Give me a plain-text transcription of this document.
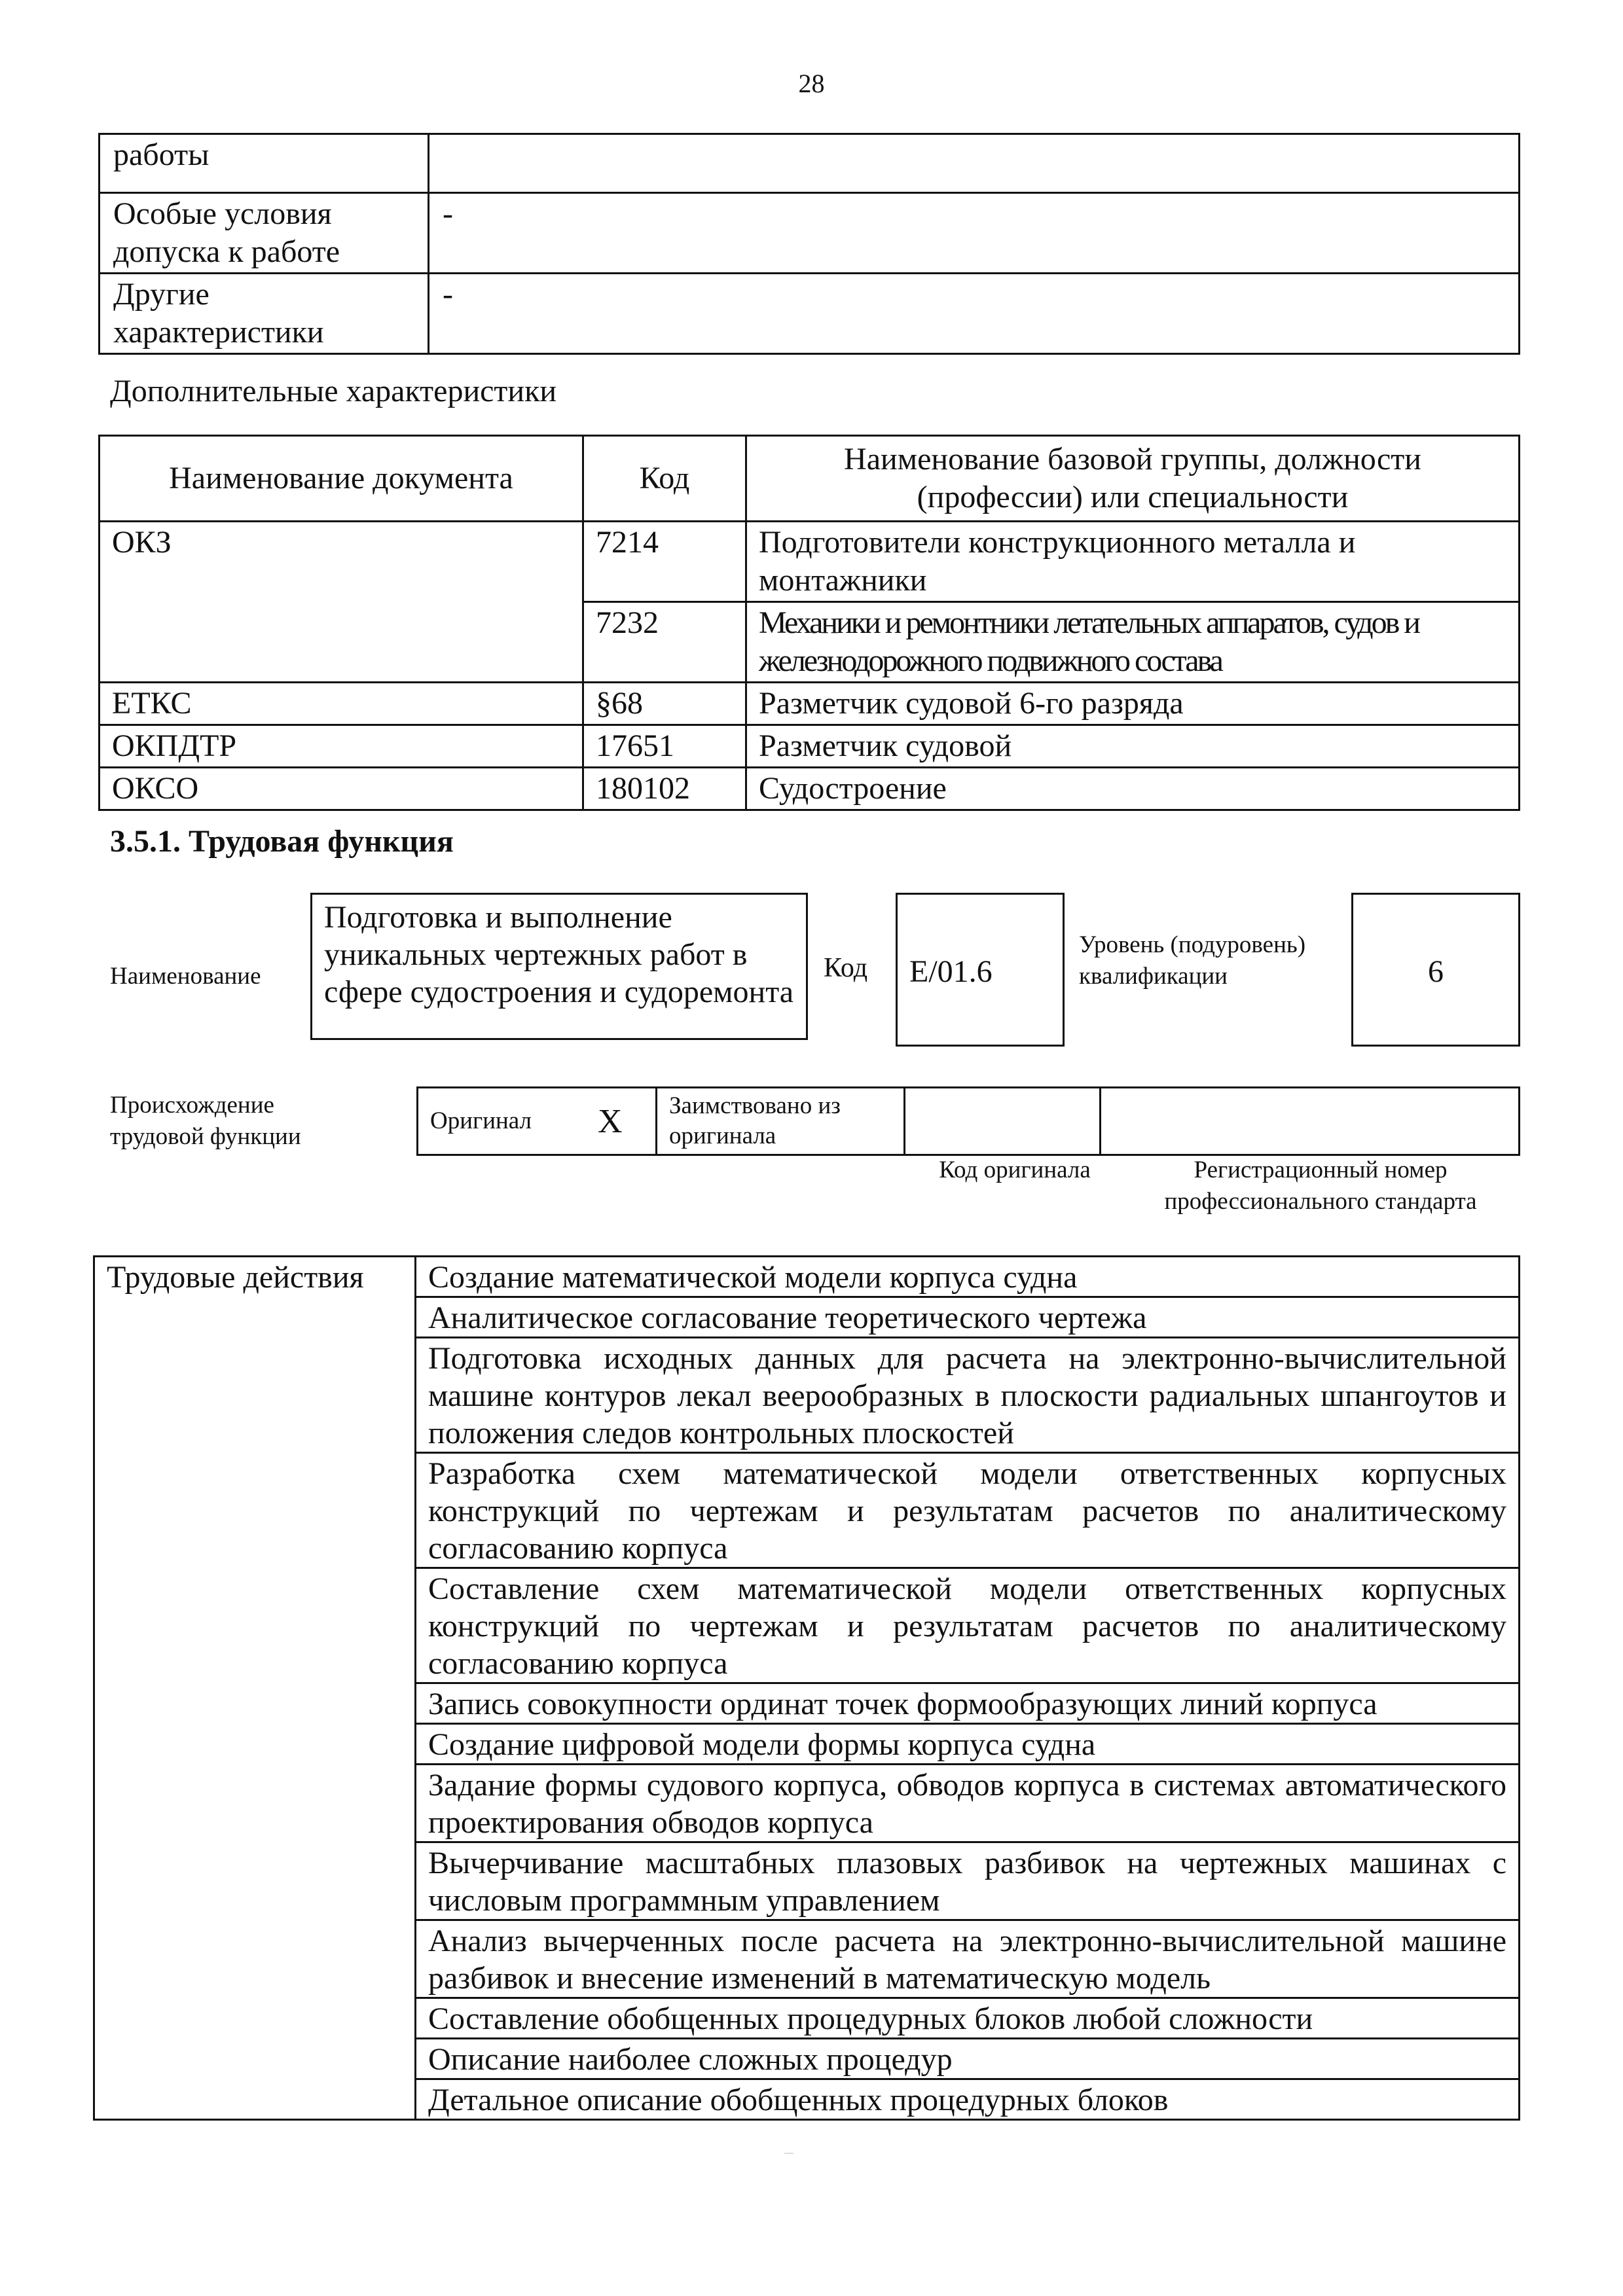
28
работы	
Особые условия допуска к работе	-
Другие характеристики	-
Дополнительные характеристики
Наименование документа	Код	Наименование базовой группы, должности (профессии) или специальности
ОКЗ	7214	Подготовители конструкционного металла и монтажники
	7232	Механики и ремонтники летательных аппаратов, судов и железнодорожного подвижного состава
ЕТКС	§68	Разметчик судовой 6-го разряда
ОКПДТР	17651	Разметчик судовой
ОКСО	180102	Судостроение
3.5.1. Трудовая функция
Наименование
Подготовка и выполнение уникальных чертежных работ в сфере судостроения и судоремонта
Код	E/01.6
Уровень (подуровень) квалификации	6
Происхождение трудовой функции
Оригинал	X	Заимствовано из оригинала		
Код оригинала	Регистрационный номер профессионального стандарта
Трудовые действия	Создание математической модели корпуса судна
Аналитическое согласование теоретического чертежа
Подготовка исходных данных для расчета на электронно-вычислительной машине контуров лекал веерообразных в плоскости радиальных шпангоутов и положения следов контрольных плоскостей
Разработка схем математической модели ответственных корпусных конструкций по чертежам и результатам расчетов по аналитическому согласованию корпуса
Составление схем математической модели ответственных корпусных конструкций по чертежам и результатам расчетов по аналитическому согласованию корпуса
Запись совокупности ординат точек формообразующих линий корпуса
Создание цифровой модели формы корпуса судна
Задание формы судового корпуса, обводов корпуса в системах автоматического проектирования обводов корпуса
Вычерчивание масштабных плазовых разбивок на чертежных машинах с числовым программным управлением
Анализ вычерченных после расчета на электронно-вычислительной машине разбивок и внесение изменений в математическую модель
Составление обобщенных процедурных блоков любой сложности
Описание наиболее сложных процедур
Детальное описание обобщенных процедурных блоков
